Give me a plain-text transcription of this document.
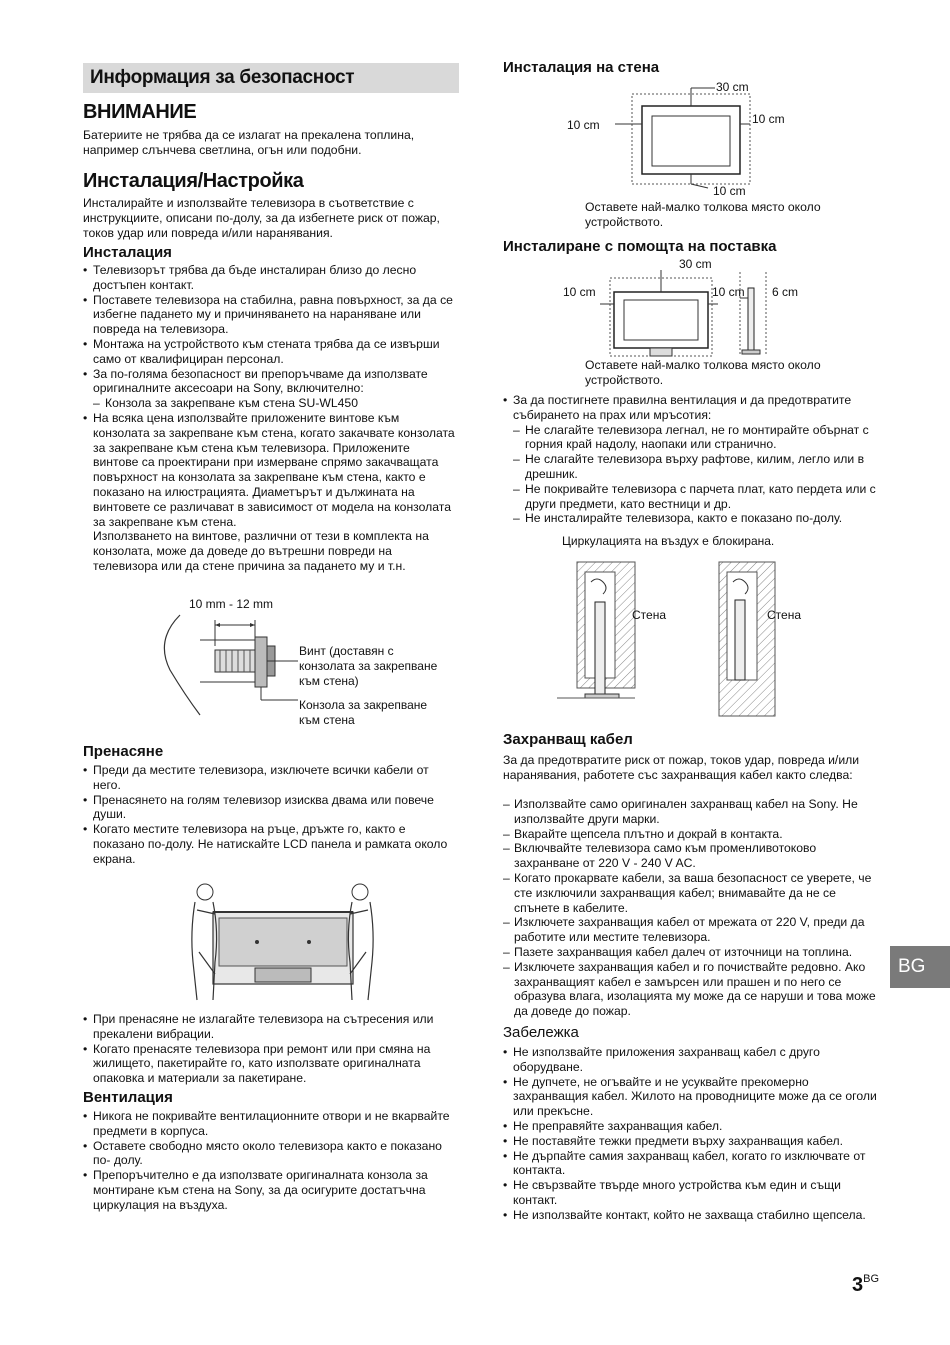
Информация за безопасност
ВНИМАНИЕ

Батериите не трябва да се излагат на прекалена топлина, например слънчева светлина, огън или подобни.

Инсталация/Настройка

Инсталирайте и използвайте телевизора в съответствие с инструкциите, описани по-долу, за да избегнете риск от пожар, токов удар или повреда и/или наранявания.

Инсталация
• Телевизорът трябва да бъде инсталиран близо до лесно достъпен контакт.
• Поставете телевизора на стабилна, равна повърхност, за да се избегне падането му и причиняването на нараняване или повреда на телевизора.
• Монтажа на устройството към стената трябва да се извърши само от квалифициран персонал.
• За по-голяма безопасност ви препоръчваме да използвате оригиналните аксесоари на Sony, включително:
– Конзола за закрепване към стена SU-WL450
• На всяка цена използвайте приложените винтове към конзолата за закрепване към стена, когато закачвате конзолата за закрепване към стена към телевизора. Приложените винтове са проектирани при измерване спрямо закачващата повърхност на конзолата за закрепване към стена, както е показано на илюстрацията. Диаметърът и дължината на винтовете се различават в зависимост от модела на конзолата за закрепване към стена.

Използването на винтове, различни от тези в комплекта на конзолата, може да доведе до вътрешни повреди на телевизора или да стене причина за падането му и т.н.

10 mm - 12 mm
Винт (доставян с конзолата за закрепване към стена)
Конзола за закрепване към стена
Пренасяне
• Преди да местите телевизора, изключете всички кабели от него.
• Пренасянето на голям телевизор изисква двама или повече души.
• Когато местите телевизора на ръце, дръжте го, както е показано по-долу. Не натискайте LCD панела и рамката около екрана.
• При пренасяне не излагайте телевизора на сътресения или прекалени вибрации.
• Когато пренасяте телевизора при ремонт или при смяна на жилището, пакетирайте го, като използвате оригиналната опаковка и материали за пакетиране.
Вентилация
• Никога не покривайте вентилационните отвори и не вкарвайте предмети в корпуса.
• Оставете свободно място около телевизора както е показано по- долу.
• Препоръчително е да използвате оригиналната конзола за монтиране към стена на Sony, за да осигурите достатъчна циркулация на въздуха.
Инсталация на стена
30 cm
10 cm	10 cm
10 cm

Оставете най-малко толкова място около устройството.

Инсталиране с помощта на поставка
30 cm
10 cm	10 cm 6 cm

Оставете най-малко толкова място около устройството.

• За да постигнете правилна вентилация и да предотвратите събирането на прах или мръсотия:
– Не слагайте телевизора легнал, не го монтирайте обърнат с горния край надолу, наопаки или странично.
– Не слагайте телевизора върху рафтове, килим, легло или в дрешник.
– Не покривайте телевизора с парчета плат, като пердета или с други предмети, като вестници и др.
– Не инсталирайте телевизора, както е показано по-долу.
Циркулацията на въздух е блокирана.
Стена	Стена
Захранващ кабел

За да предотвратите риск от пожар, токов удар, повреда и/или наранявания, работете със захранващия кабел както следва:

– Използвайте само оригинален захранващ кабел на Sony. Не използвайте други марки.
– Вкарайте щепсела плътно и докрай в контакта.
– Включвайте телевизора само към променливотоково захранване от 220 V - 240 V AC.
– Когато прокарвате кабели, за ваша безопасност се уверете, че сте изключили захранващия кабел; внимавайте да не се спънете в кабелите.
– Изключете захранващия кабел от мрежата от 220 V, преди да работите или местите телевизора.
– Пазете захранващия кабел далеч от източници на топлина.
– Изключете захранващия кабел и го почиствайте редовно. Ако захранващият кабел е замърсен или прашен и по него се образува влага, изолацията му може да се наруши и това може да доведе до пожар.
Забележка
• Не използвайте приложения захранващ кабел с друго оборудване.
• Не дупчете, не огъвайте и не усуквайте прекомерно захранващия кабел. Жилото на проводниците може да се оголи или прекъсне.
• Не преправяйте захранващия кабел.
• Не поставяйте тежки предмети върху захранващия кабел.
• Не дърпайте самия захранващ кабел, когато го изключвате от контакта.
• Не свързвайте твърде много устройства към един и същи контакт.
• Не използвайте контакт, който не захваща стабилно щепсела.
BG
$3^{BG}$
